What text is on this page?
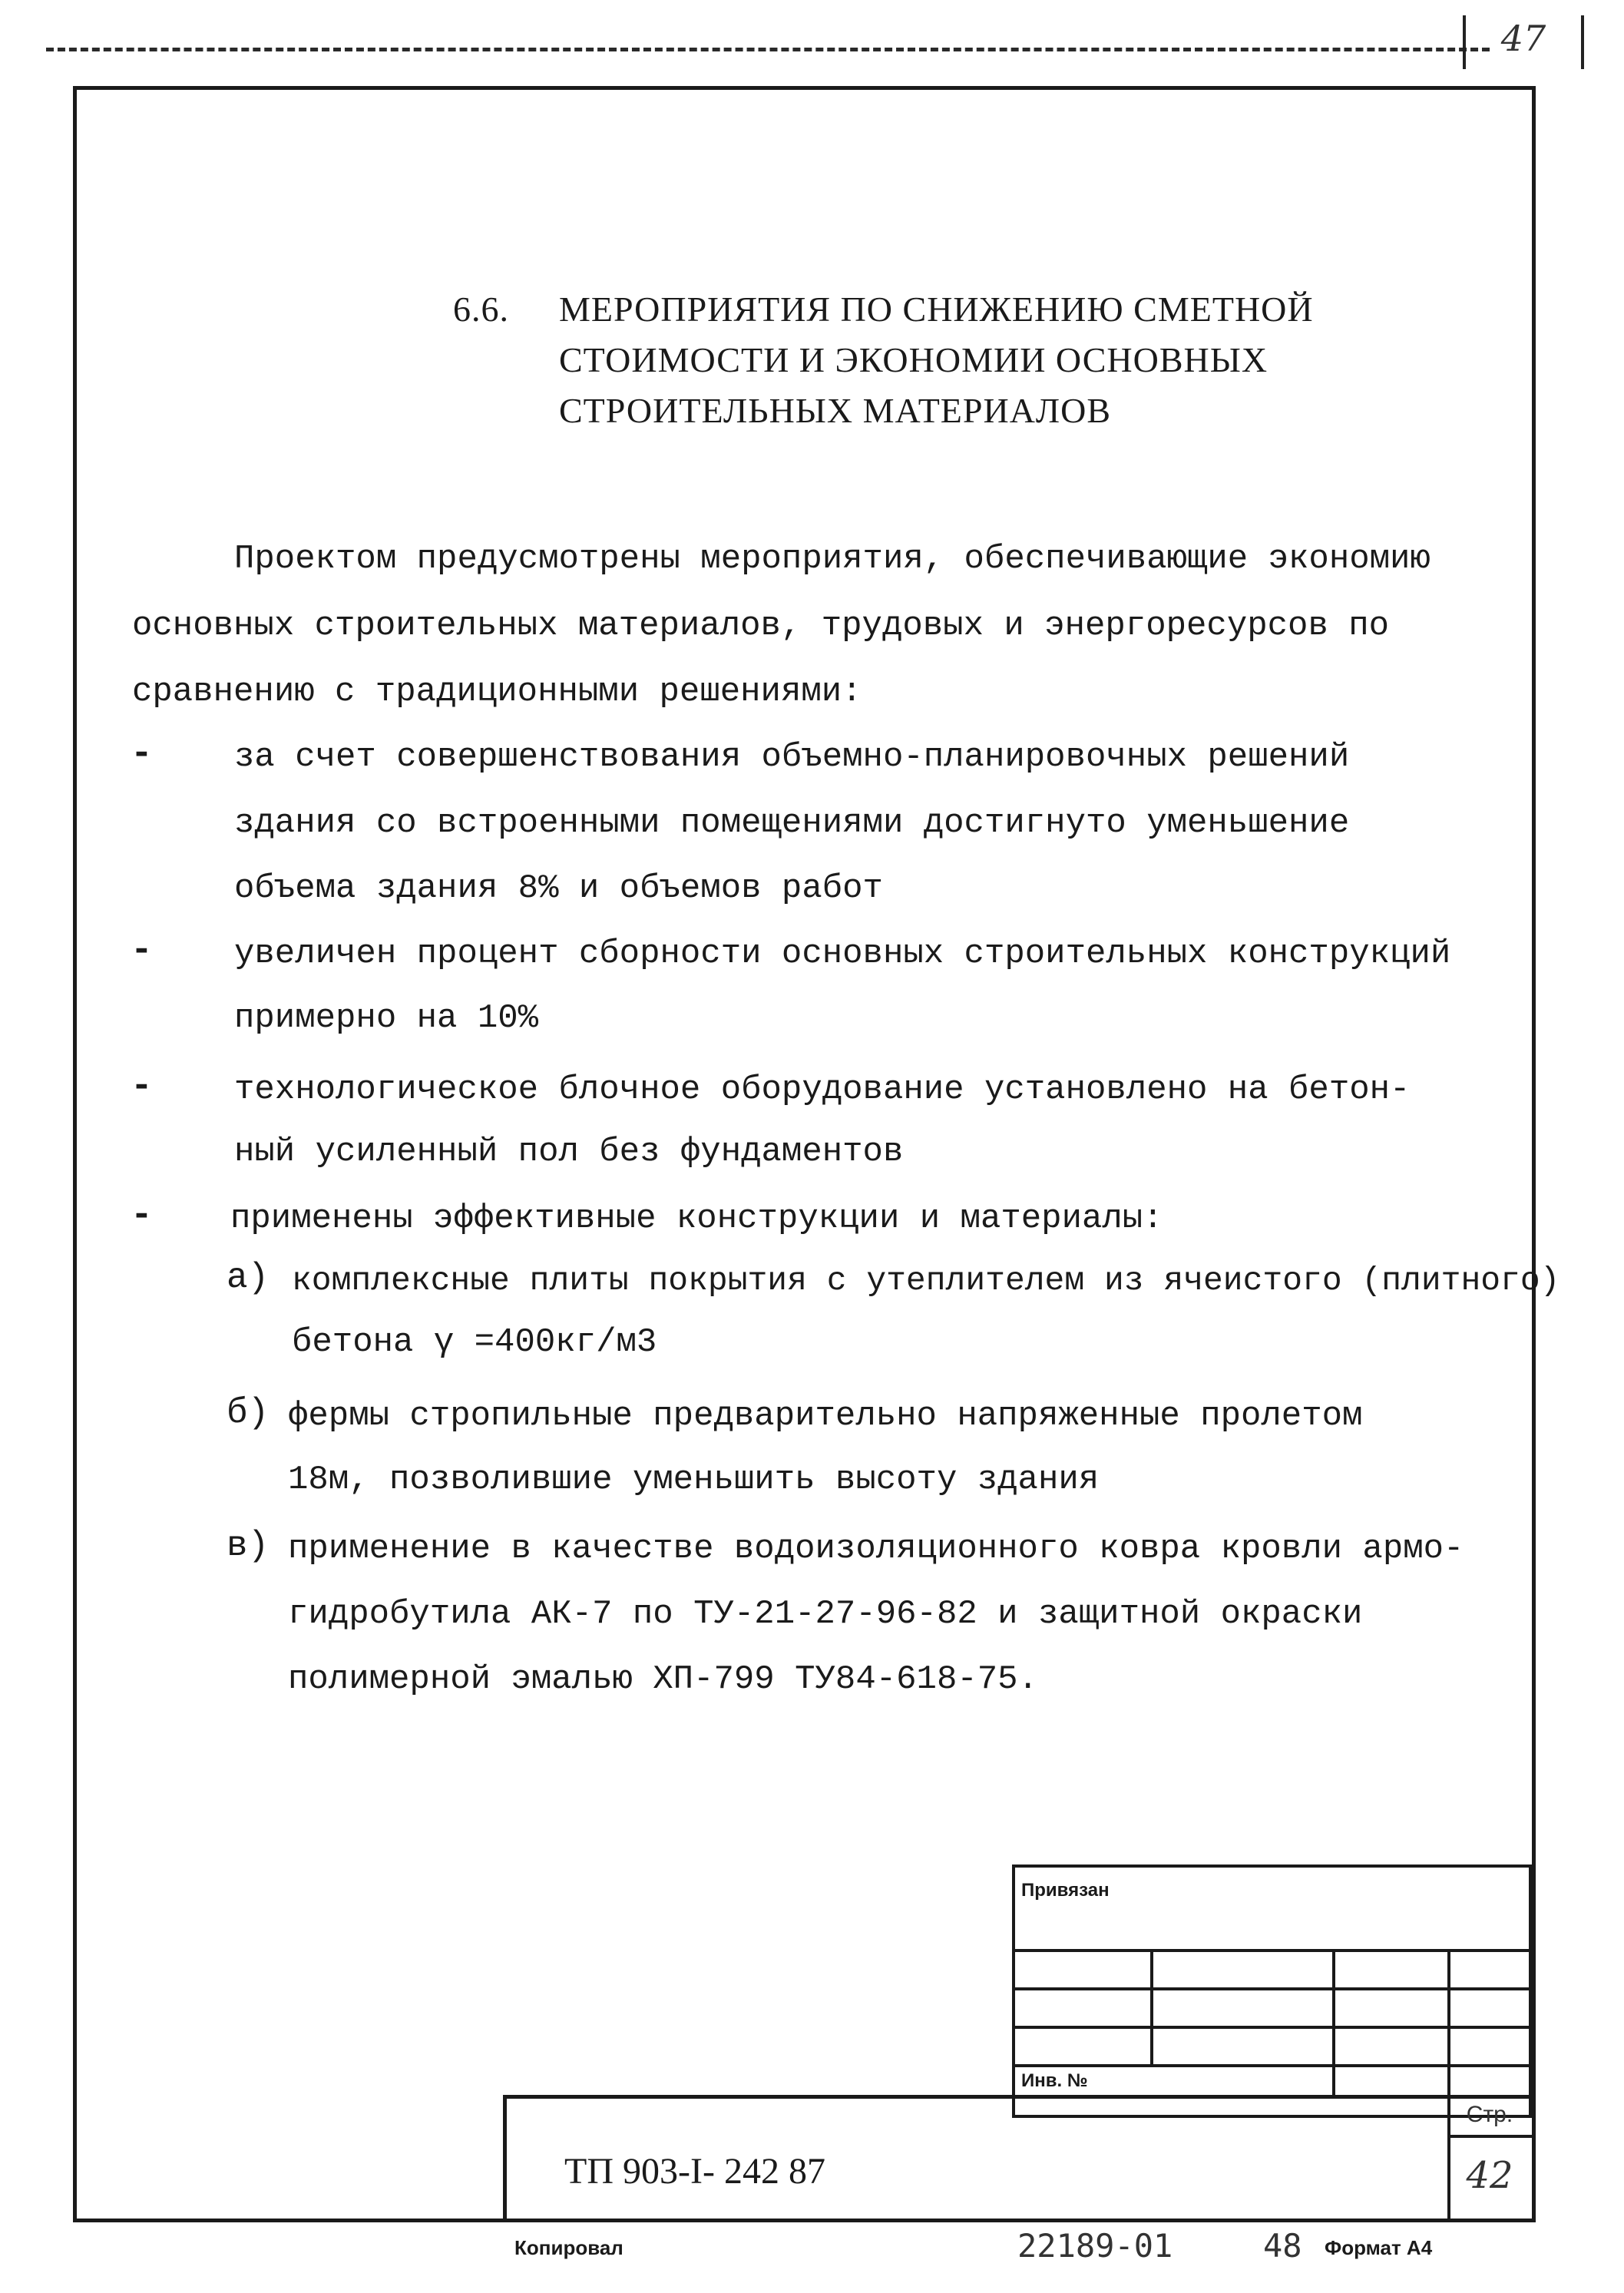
47
6.6. МЕРОПРИЯТИЯ ПО СНИЖЕНИЮ СМЕТНОЙ
СТОИМОСТИ И ЭКОНОМИИ ОСНОВНЫХ
СТРОИТЕЛЬНЫХ МАТЕРИАЛОВ
Проектом предусмотрены мероприятия, обеспечивающие экономию
основных строительных материалов, трудовых и энергоресурсов по
сравнению с традиционными решениями:
- за счет совершенствования объемно-планировочных решений
здания со встроенными помещениями достигнуто уменьшение
объема здания 8% и объемов работ
- увеличен процент сборности основных строительных конструкций
примерно на 10%
- технологическое блочное оборудование установлено на бетон-
ный усиленный пол без фундаментов
- применены эффективные конструкции и материалы:
а) комплексные плиты покрытия с утеплителем из ячеистого (плитного)
бетона γ =400кг/м3
б) фермы стропильные предварительно напряженные пролетом
18м, позволившие уменьшить высоту здания
в) применение в качестве водоизоляционного ковра кровли армо-
гидробутила АК-7 по ТУ-21-27-96-82 и защитной окраски
полимерной эмалью ХП-799 ТУ84-618-75.
Привязан
Инв. №
ТП 903-I- 242 87
Стр.
42
Копировал	22189-01	48 Формат А4
